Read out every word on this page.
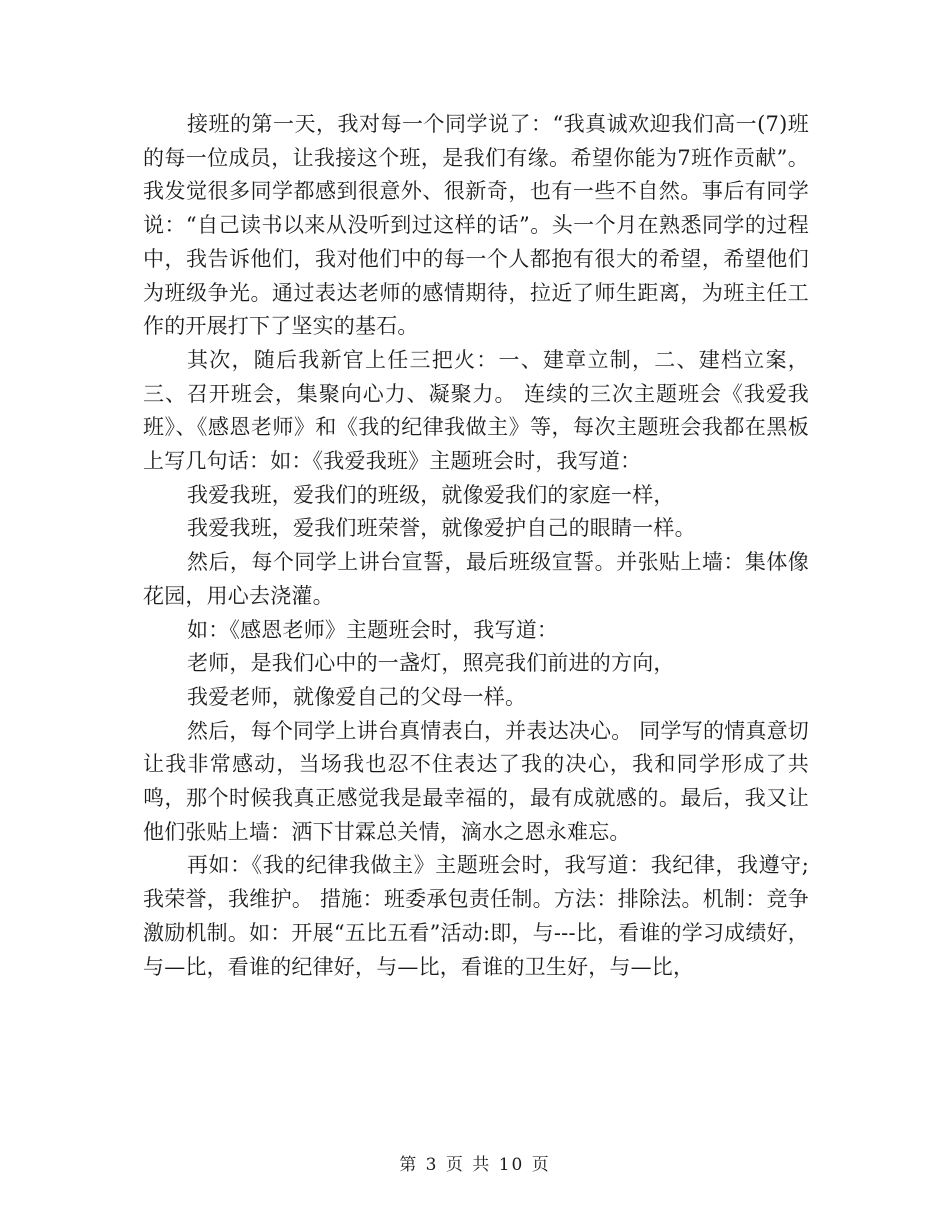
接班的第一天，我对每一个同学说了：“我真诚欢迎我们高一(7)班的每一位成员，让我接这个班，是我们有缘。希望你能为7班作贡献”。我发觉很多同学都感到很意外、很新奇，也有一些不自然。事后有同学说：“自己读书以来从没听到过这样的话”。头一个月在熟悉同学的过程中，我告诉他们，我对他们中的每一个人都抱有很大的希望，希望他们为班级争光。通过表达老师的感情期待，拉近了师生距离，为班主任工作的开展打下了坚实的基石。

其次，随后我新官上任三把火：一、建章立制，二、建档立案，三、召开班会，集聚向心力、凝聚力。 连续的三次主题班会《我爱我班》、《感恩老师》和《我的纪律我做主》等，每次主题班会我都在黑板上写几句话：如：《我爱我班》主题班会时，我写道：

我爱我班，爱我们的班级，就像爱我们的家庭一样，

我爱我班，爱我们班荣誉，就像爱护自己的眼睛一样。

然后，每个同学上讲台宣誓，最后班级宣誓。并张贴上墙：集体像花园，用心去浇灌。

如：《感恩老师》主题班会时，我写道：

老师，是我们心中的一盏灯，照亮我们前进的方向，

我爱老师，就像爱自己的父母一样。

然后，每个同学上讲台真情表白，并表达决心。 同学写的情真意切让我非常感动，当场我也忍不住表达了我的决心，我和同学形成了共鸣，那个时候我真正感觉我是最幸福的，最有成就感的。最后，我又让他们张贴上墙：洒下甘霖总关情，滴水之恩永难忘。

再如：《我的纪律我做主》主题班会时，我写道：我纪律，我遵守;我荣誉，我维护。 措施：班委承包责任制。方法：排除法。机制：竞争激励机制。如：开展“五比五看”活动:即，与---比，看谁的学习成绩好，与—比，看谁的纪律好，与—比，看谁的卫生好，与—比，

第 3 页 共 10 页
